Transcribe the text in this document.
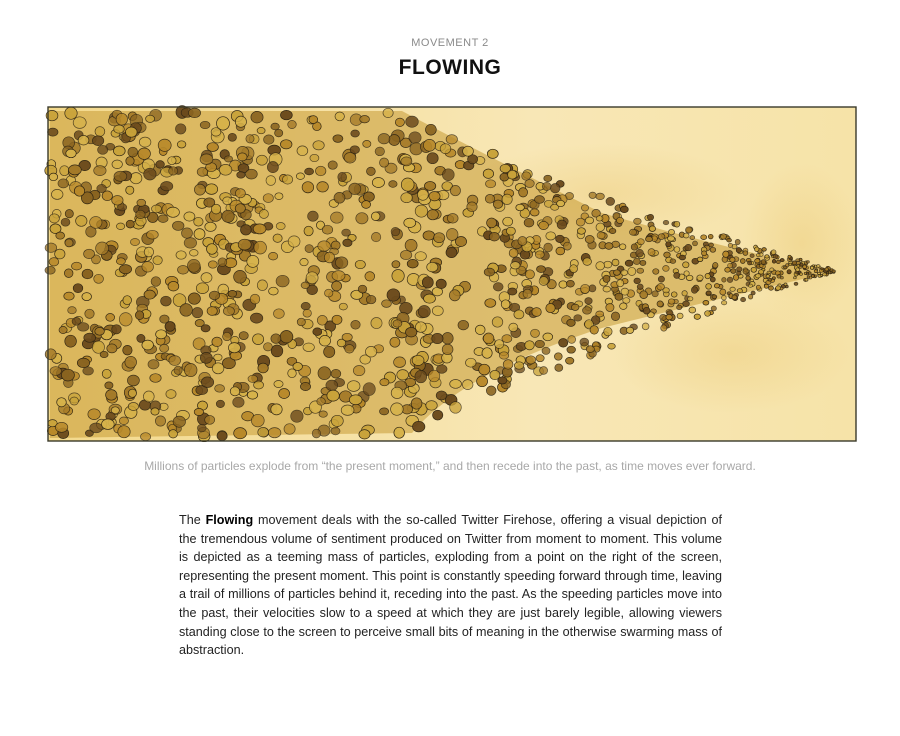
MOVEMENT 2
FLOWING
Millions of particles explode from “the present moment,” and then recede into the past, as time moves ever forward.
The Flowing movement deals with the so-called Twitter Firehose, offering a visual depiction of the tremendous volume of sentiment produced on Twitter from moment to moment. This volume is depicted as a teeming mass of particles, exploding from a point on the right of the screen, representing the present moment. This point is constantly speeding forward through time, leaving a trail of millions of particles behind it, receding into the past. As the speeding particles move into the past, their velocities slow to a speed at which they are just barely legible, allowing viewers standing close to the screen to perceive small bits of meaning in the otherwise swarming mass of abstraction.
